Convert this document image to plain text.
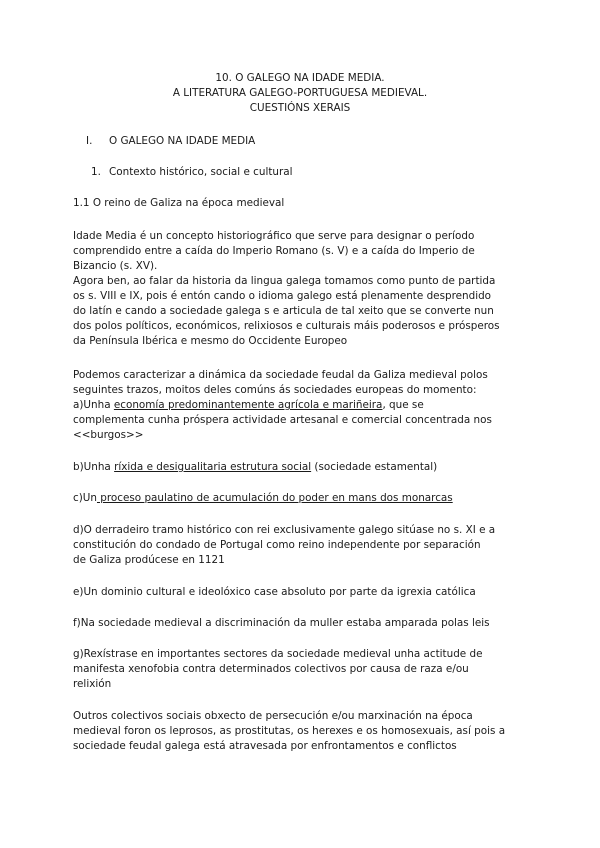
10. O GALEGO NA IDADE MEDIA.
A LITERATURA GALEGO-PORTUGUESA MEDIEVAL.
CUESTIÓNS XERAIS
I. O GALEGO NA IDADE MEDIA
1. Contexto histórico, social e cultural
1.1 O reino de Galiza na época medieval
Idade Media é un concepto historiográfico que serve para designar o período
comprendido entre a caída do Imperio Romano (s. V) e a caída do Imperio de
Bizancio (s. XV).
Agora ben, ao falar da historia da lingua galega tomamos como punto de partida
os s. VIII e IX, pois é entón cando o idioma galego está plenamente desprendido
do latín e cando a sociedade galega s e articula de tal xeito que se converte nun
dos polos políticos, económicos, relixiosos e culturais máis poderosos e prósperos
da Península Ibérica e mesmo do Occidente Europeo
Podemos caracterizar a dinámica da sociedade feudal da Galiza medieval polos
seguintes trazos, moitos deles comúns ás sociedades europeas do momento:
a)Unha economía predominantemente agrícola e mariñeira, que se
complementa cunha próspera actividade artesanal e comercial concentrada nos
<<burgos>>
b)Unha ríxida e desigualitaria estrutura social (sociedade estamental)
c)Un proceso paulatino de acumulación do poder en mans dos monarcas
d)O derradeiro tramo histórico con rei exclusivamente galego sitúase no s. XI e a
constitución do condado de Portugal como reino independente por separación
de Galiza prodúcese en 1121
e)Un dominio cultural e ideolóxico case absoluto por parte da igrexia católica
f)Na sociedade medieval a discriminación da muller estaba amparada polas leis
g)Rexístrase en importantes sectores da sociedade medieval unha actitude de
manifesta xenofobia contra determinados colectivos por causa de raza e/ou
relixión
Outros colectivos sociais obxecto de persecución e/ou marxinación na época
medieval foron os leprosos, as prostitutas, os herexes e os homosexuais, así pois a
sociedade feudal galega está atravesada por enfrontamentos e conflictos
